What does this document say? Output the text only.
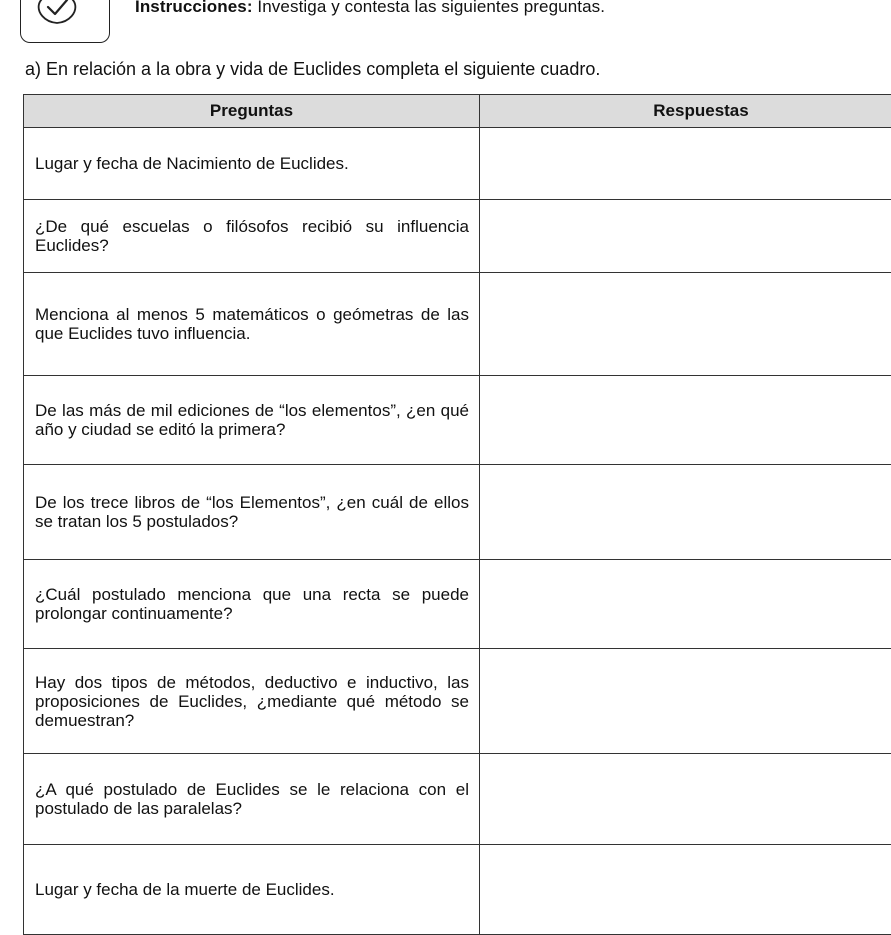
Instrucciones: Investiga y contesta las siguientes preguntas.
a) En relación a la obra y vida de Euclides completa el siguiente cuadro.
Preguntas	Respuestas
Lugar y fecha de Nacimiento de Euclides.	
¿De qué escuelas o filósofos recibió su influencia Euclides?	
Menciona al menos 5 matemáticos o geómetras de las que Euclides tuvo influencia.	
De las más de mil ediciones de “los elementos”, ¿en qué año y ciudad se editó la primera?	
De los trece libros de “los Elementos”, ¿en cuál de ellos se tratan los 5 postulados?	
¿Cuál postulado menciona que una recta se puede prolongar continuamente?	
Hay dos tipos de métodos, deductivo e inductivo, las proposiciones de Euclides, ¿mediante qué método se demuestran?	
¿A qué postulado de Euclides se le relaciona con el postulado de las paralelas?	
Lugar y fecha de la muerte de Euclides.	
